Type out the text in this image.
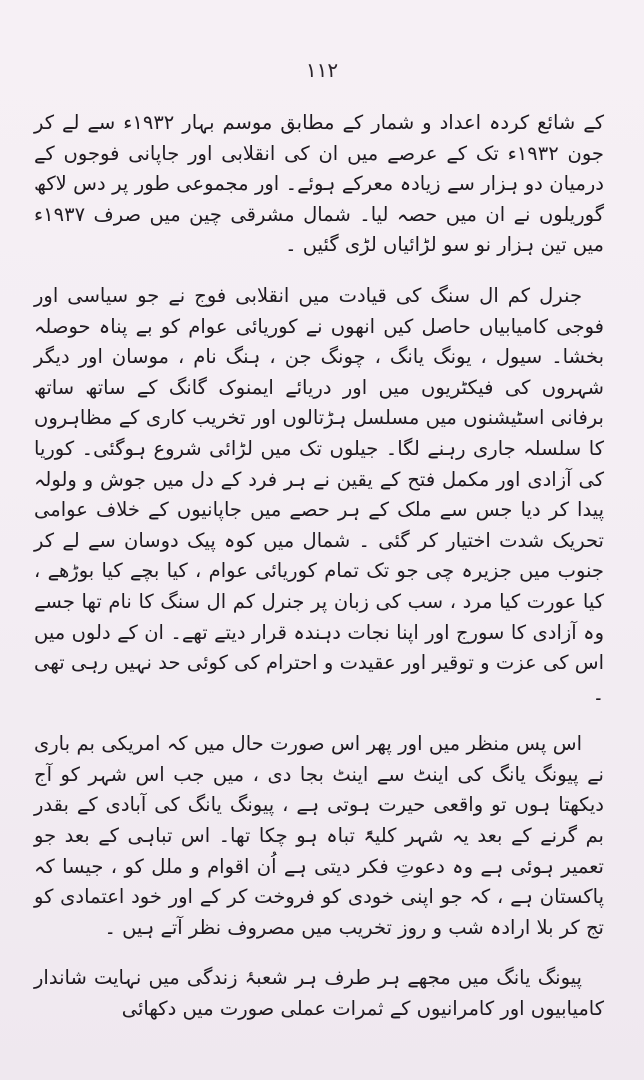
۱۱۲

کے شائع کردہ اعداد و شمار کے مطابق موسم بہار ۱۹۳۲ء سے لے کر جون ۱۹۳۲ء تک کے عرصے میں ان کی انقلابی اور جاپانی فوجوں کے درمیان دو ہزار سے زیادہ معرکے ہوئے۔ اور مجموعی طور پر دس لاکھ گوریلوں نے ان میں حصہ لیا۔ شمال مشرقی چین میں صرف ۱۹۳۷ء میں تین ہزار نو سو لڑائیاں لڑی گئیں ۔

جنرل کم ال سنگ کی قیادت میں انقلابی فوج نے جو سیاسی اور فوجی کامیابیاں حاصل کیں انھوں نے کوریائی عوام کو بے پناہ حوصلہ بخشا۔ سیول ، یونگ یانگ ، چونگ جن ، ہنگ نام ، موسان اور دیگر شہروں کی فیکٹریوں میں اور دریائے ایمنوک گانگ کے ساتھ ساتھ برفانی اسٹیشنوں میں مسلسل ہڑتالوں اور تخریب کاری کے مظاہروں کا سلسلہ جاری رہنے لگا۔ جیلوں تک میں لڑائی شروع ہوگئی۔ کوریا کی آزادی اور مکمل فتح کے یقین نے ہر فرد کے دل میں جوش و ولولہ پیدا کر دیا جس سے ملک کے ہر حصے میں جاپانیوں کے خلاف عوامی تحریک شدت اختیار کر گئی ۔ شمال میں کوہ پیک دوسان سے لے کر جنوب میں جزیرہ چی جو تک تمام کوریائی عوام ، کیا بچے کیا بوڑھے ، کیا عورت کیا مرد ، سب کی زبان پر جنرل کم ال سنگ کا نام تھا جسے وہ آزادی کا سورج اور اپنا نجات دہندہ قرار دیتے تھے۔ ان کے دلوں میں اس کی عزت و توقیر اور عقیدت و احترام کی کوئی حد نہیں رہی تھی ۔

اس پس منظر میں اور پھر اس صورت حال میں کہ امریکی بم باری نے پیونگ یانگ کی اینٹ سے اینٹ بجا دی ، میں جب اس شہر کو آج دیکھتا ہوں تو واقعی حیرت ہوتی ہے ، پیونگ یانگ کی آبادی کے بقدر بم گرنے کے بعد یہ شہر کلیۃً تباہ ہو چکا تھا۔ اس تباہی کے بعد جو تعمیر ہوئی ہے وہ دعوتِ فکر دیتی ہے اُن اقوام و ملل کو ، جیسا کہ پاکستان ہے ، کہ جو اپنی خودی کو فروخت کر کے اور خود اعتمادی کو تج کر بلا ارادہ شب و روز تخریب میں مصروف نظر آتے ہیں ۔

پیونگ یانگ میں مجھے ہر طرف ہر شعبۂ زندگی میں نہایت شاندار کامیابیوں اور کامرانیوں کے ثمرات عملی صورت میں دکھائی
